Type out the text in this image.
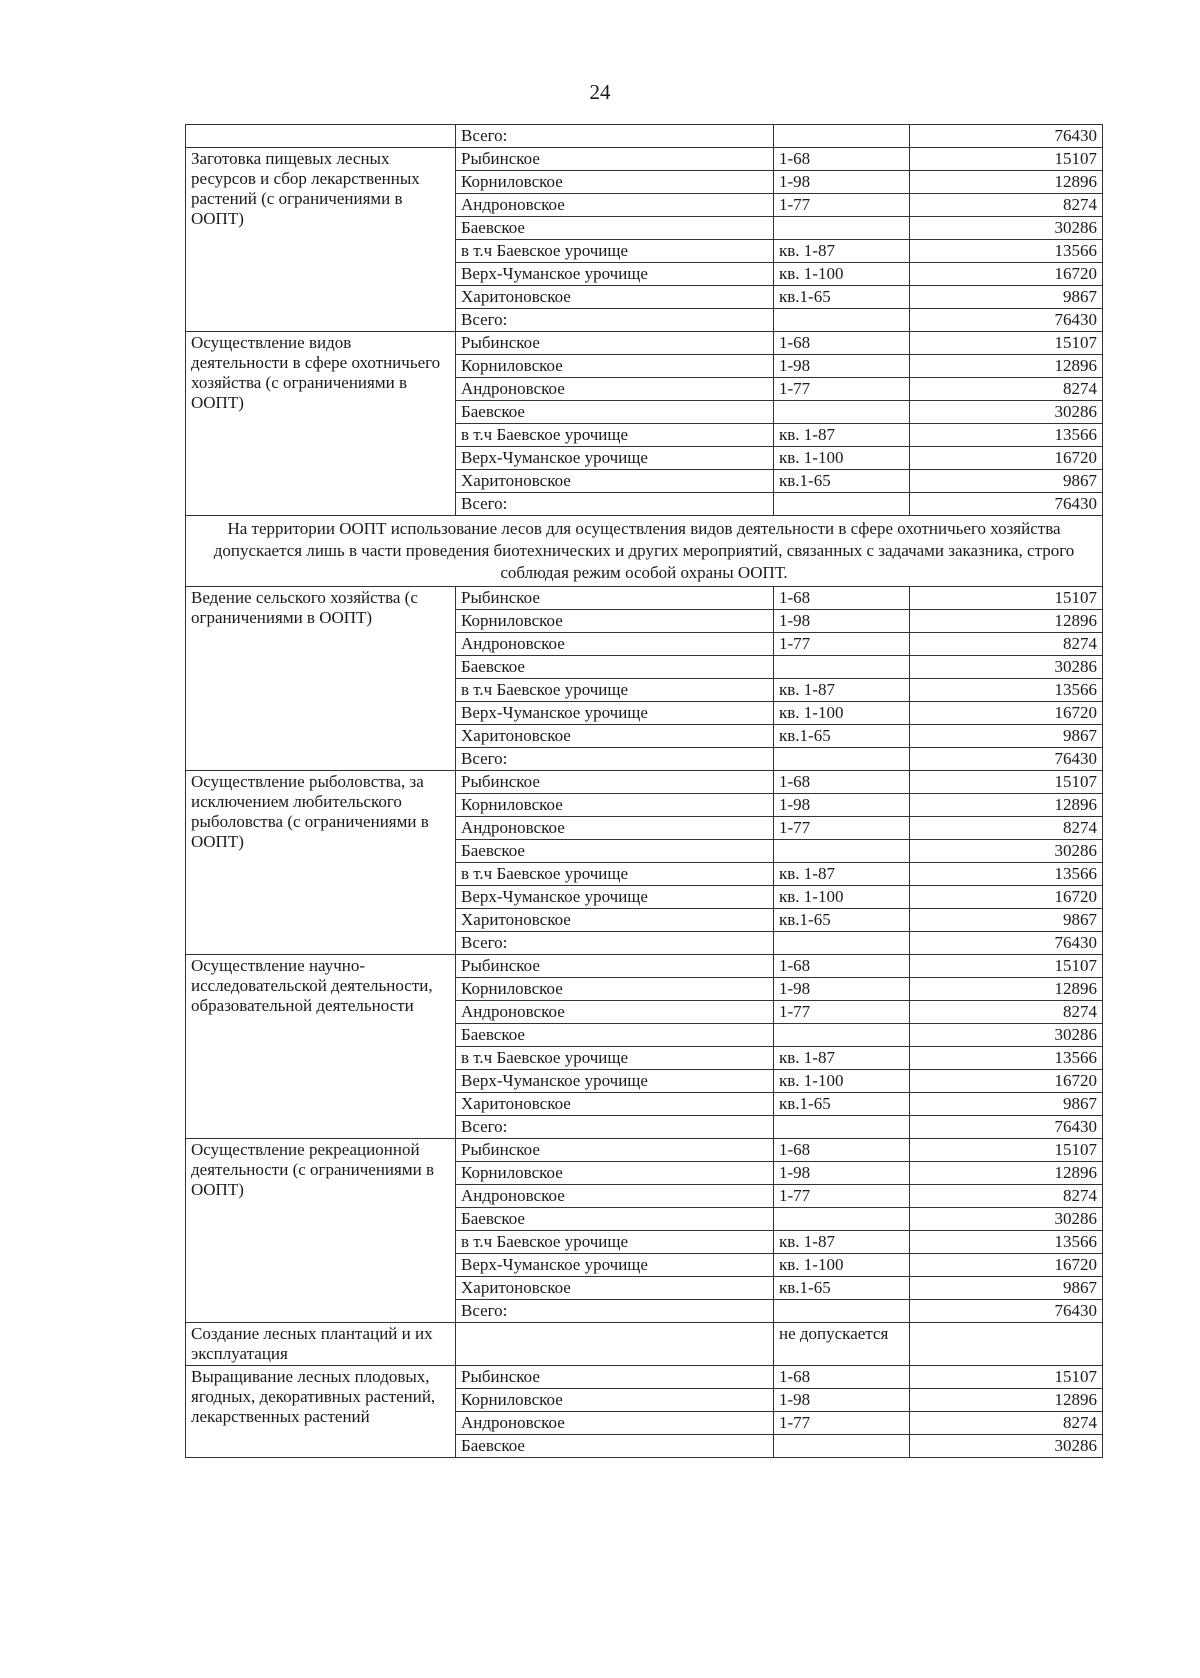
24
	Всего:		76430
Заготовка пищевых лесных ресурсов и сбор лекарственных растений (с ограничениями в ООПТ)	Рыбинское	1-68	15107
	Корниловское	1-98	12896
	Андроновское	1-77	8274
	Баевское		30286
	в т.ч Баевское урочище	кв. 1-87	13566
	Верх-Чуманское урочище	кв. 1-100	16720
	Харитоновское	кв.1-65	9867
	Всего:		76430
Осуществление видов деятельности в сфере охотничьего хозяйства (с ограничениями в ООПТ)	Рыбинское	1-68	15107
	Корниловское	1-98	12896
	Андроновское	1-77	8274
	Баевское		30286
	в т.ч Баевское урочище	кв. 1-87	13566
	Верх-Чуманское урочище	кв. 1-100	16720
	Харитоновское	кв.1-65	9867
	Всего:		76430
На территории ООПТ использование лесов для осуществления видов деятельности в сфере охотничьего хозяйства допускается лишь в части проведения биотехнических и других мероприятий, связанных с задачами заказника, строго соблюдая режим особой охраны ООПТ.			
Ведение сельского хозяйства (с ограничениями в ООПТ)	Рыбинское	1-68	15107
	Корниловское	1-98	12896
	Андроновское	1-77	8274
	Баевское		30286
	в т.ч Баевское урочище	кв. 1-87	13566
	Верх-Чуманское урочище	кв. 1-100	16720
	Харитоновское	кв.1-65	9867
	Всего:		76430
Осуществление рыболовства, за исключением любительского рыболовства (с ограничениями в ООПТ)	Рыбинское	1-68	15107
	Корниловское	1-98	12896
	Андроновское	1-77	8274
	Баевское		30286
	в т.ч Баевское урочище	кв. 1-87	13566
	Верх-Чуманское урочище	кв. 1-100	16720
	Харитоновское	кв.1-65	9867
	Всего:		76430
Осуществление научно-исследовательской деятельности, образовательной деятельности	Рыбинское	1-68	15107
	Корниловское	1-98	12896
	Андроновское	1-77	8274
	Баевское		30286
	в т.ч Баевское урочище	кв. 1-87	13566
	Верх-Чуманское урочище	кв. 1-100	16720
	Харитоновское	кв.1-65	9867
	Всего:		76430
Осуществление рекреационной деятельности (с ограничениями в ООПТ)	Рыбинское	1-68	15107
	Корниловское	1-98	12896
	Андроновское	1-77	8274
	Баевское		30286
	в т.ч Баевское урочище	кв. 1-87	13566
	Верх-Чуманское урочище	кв. 1-100	16720
	Харитоновское	кв.1-65	9867
	Всего:		76430
Создание лесных плантаций и их эксплуатация		не допускается	
Выращивание лесных плодовых, ягодных, декоративных растений, лекарственных растений	Рыбинское	1-68	15107
	Корниловское	1-98	12896
	Андроновское	1-77	8274
	Баевское		30286
